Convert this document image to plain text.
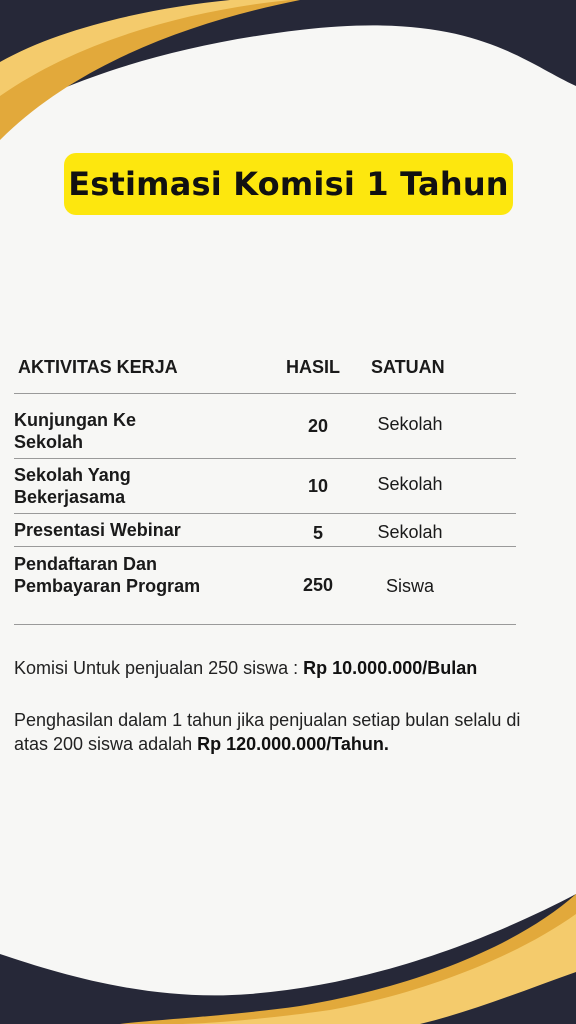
Estimasi Komisi 1 Tahun
AKTIVITAS KERJA	HASIL SATUAN
Kunjungan Ke
Sekolah
20	Sekolah
Sekolah Yang
Bekerjasama
10	Sekolah
Presentasi Webinar	5	Sekolah
Pendaftaran Dan
Pembayaran Program	250	Siswa
Komisi Untuk penjualan 250 siswa : Rp 10.000.000/Bulan
Penghasilan dalam 1 tahun jika penjualan setiap bulan selalu di
atas 200 siswa adalah Rp 120.000.000/Tahun.
